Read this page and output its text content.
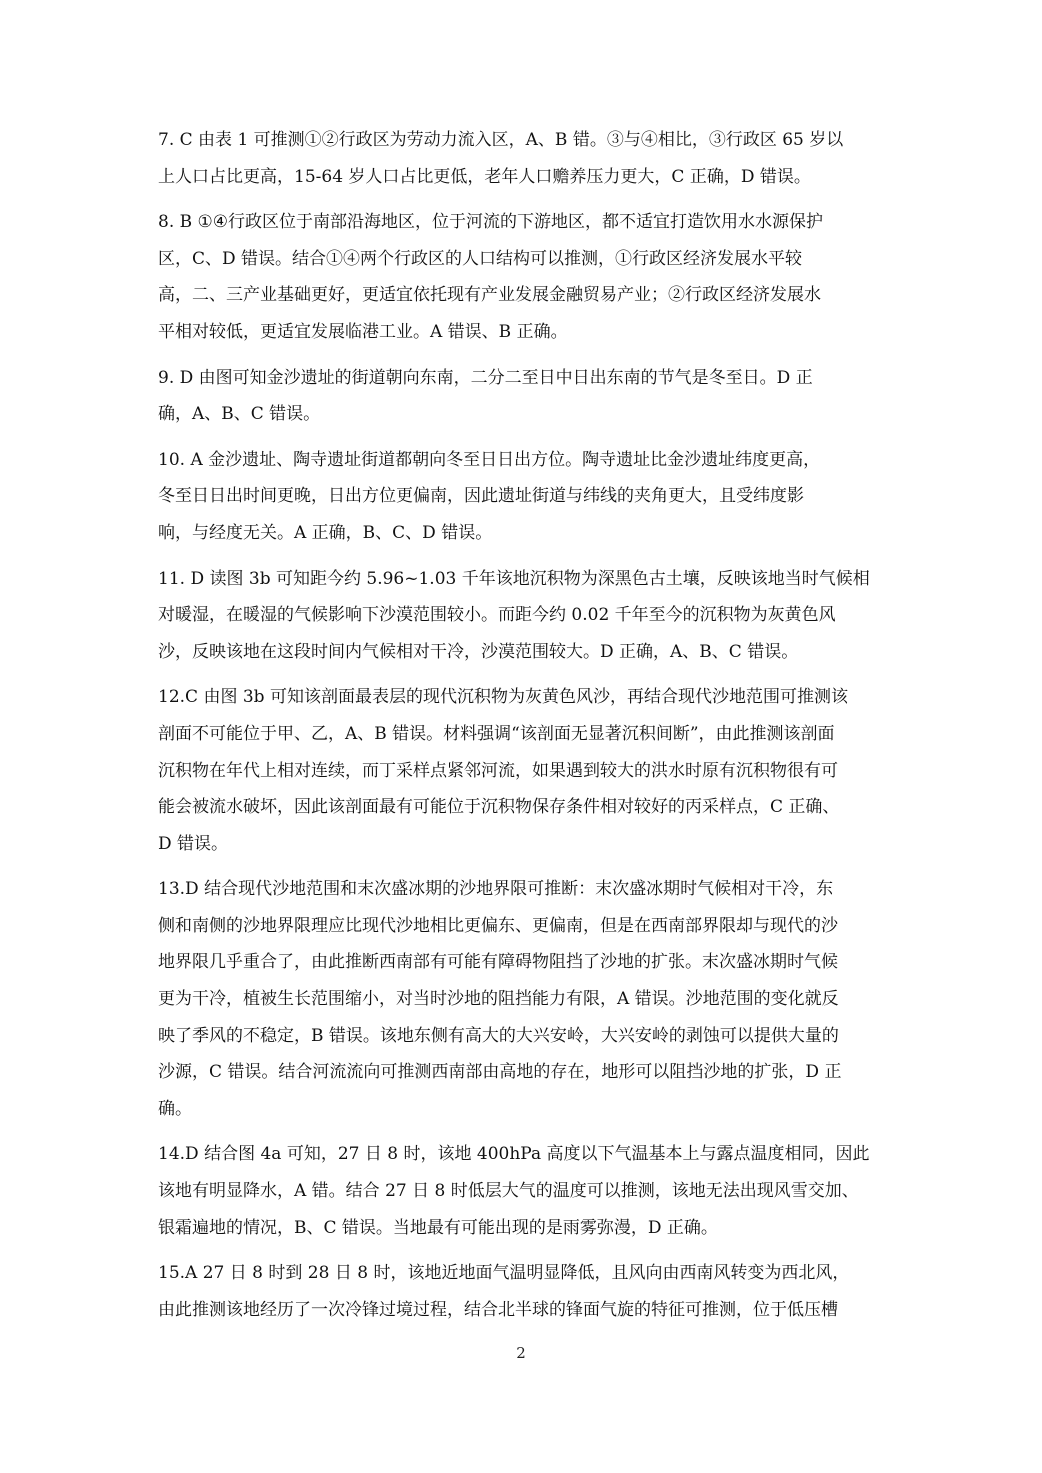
7. C 由表 1 可推测①②行政区为劳动力流入区，A、B 错。③与④相比，③行政区 65 岁以
上人口占比更高，15-64 岁人口占比更低，老年人口赡养压力更大，C 正确，D 错误。
8. B ①④行政区位于南部沿海地区，位于河流的下游地区，都不适宜打造饮用水水源保护
区，C、D 错误。结合①④两个行政区的人口结构可以推测，①行政区经济发展水平较
高，二、三产业基础更好，更适宜依托现有产业发展金融贸易产业；②行政区经济发展水
平相对较低，更适宜发展临港工业。A 错误、B 正确。
9. D 由图可知金沙遗址的街道朝向东南，二分二至日中日出东南的节气是冬至日。D 正
确，A、B、C 错误。
10. A 金沙遗址、陶寺遗址街道都朝向冬至日日出方位。陶寺遗址比金沙遗址纬度更高，
冬至日日出时间更晚，日出方位更偏南，因此遗址街道与纬线的夹角更大，且受纬度影
响，与经度无关。A 正确，B、C、D 错误。
11. D 读图 3b 可知距今约 5.96~1.03 千年该地沉积物为深黑色古土壤，反映该地当时气候相
对暖湿，在暖湿的气候影响下沙漠范围较小。而距今约 0.02 千年至今的沉积物为灰黄色风
沙，反映该地在这段时间内气候相对干冷，沙漠范围较大。D 正确，A、B、C 错误。
12.C 由图 3b 可知该剖面最表层的现代沉积物为灰黄色风沙，再结合现代沙地范围可推测该
剖面不可能位于甲、乙，A、B 错误。材料强调“该剖面无显著沉积间断”，由此推测该剖面
沉积物在年代上相对连续，而丁采样点紧邻河流，如果遇到较大的洪水时原有沉积物很有可
能会被流水破坏，因此该剖面最有可能位于沉积物保存条件相对较好的丙采样点，C 正确、
D 错误。
13.D 结合现代沙地范围和末次盛冰期的沙地界限可推断：末次盛冰期时气候相对干冷，东
侧和南侧的沙地界限理应比现代沙地相比更偏东、更偏南，但是在西南部界限却与现代的沙
地界限几乎重合了，由此推断西南部有可能有障碍物阻挡了沙地的扩张。末次盛冰期时气候
更为干冷，植被生长范围缩小，对当时沙地的阻挡能力有限，A 错误。沙地范围的变化就反
映了季风的不稳定，B 错误。该地东侧有高大的大兴安岭，大兴安岭的剥蚀可以提供大量的
沙源，C 错误。结合河流流向可推测西南部由高地的存在，地形可以阻挡沙地的扩张，D 正
确。
14.D 结合图 4a 可知，27 日 8 时，该地 400hPa 高度以下气温基本上与露点温度相同，因此
该地有明显降水，A 错。结合 27 日 8 时低层大气的温度可以推测，该地无法出现风雪交加、
银霜遍地的情况，B、C 错误。当地最有可能出现的是雨雾弥漫，D 正确。
15.A 27 日 8 时到 28 日 8 时，该地近地面气温明显降低，且风向由西南风转变为西北风，
由此推测该地经历了一次冷锋过境过程，结合北半球的锋面气旋的特征可推测，位于低压槽
2
